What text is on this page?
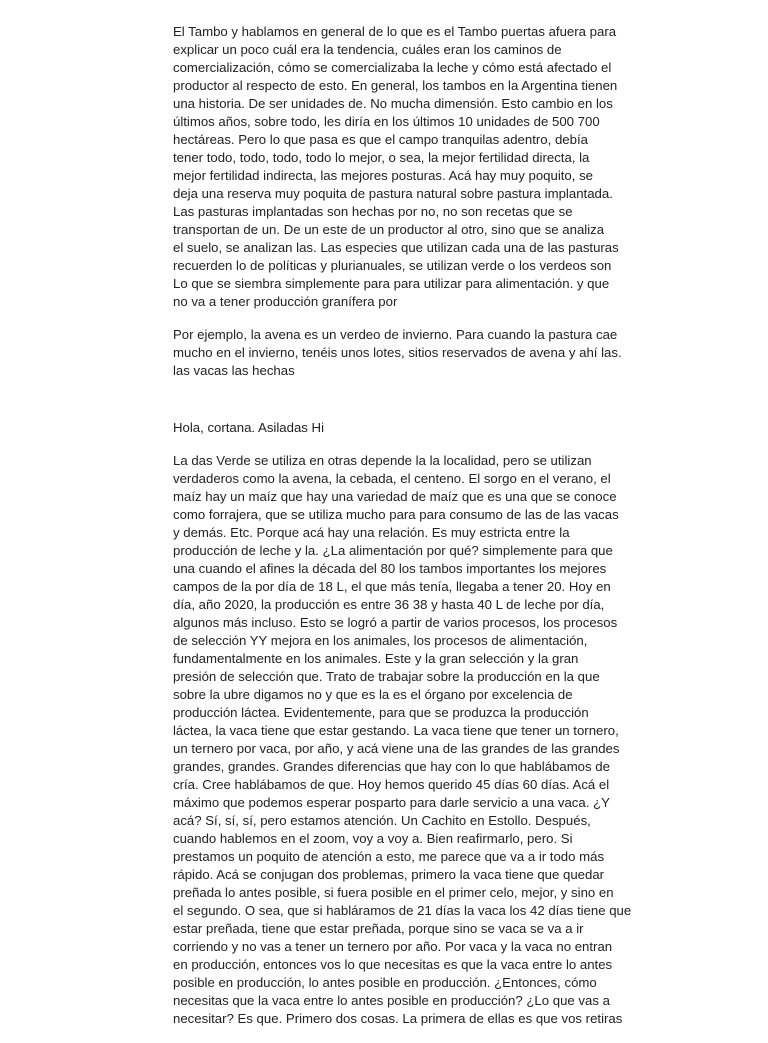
El Tambo y hablamos en general de lo que es el Tambo puertas afuera para
explicar un poco cuál era la tendencia, cuáles eran los caminos de
comercialización, cómo se comercializaba la leche y cómo está afectado el
productor al respecto de esto. En general, los tambos en la Argentina tienen
una historia. De ser unidades de. No mucha dimensión. Esto cambio en los
últimos años, sobre todo, les diría en los últimos 10 unidades de 500 700
hectáreas. Pero lo que pasa es que el campo tranquilas adentro, debía
tener todo, todo, todo, todo lo mejor, o sea, la mejor fertilidad directa, la
mejor fertilidad indirecta, las mejores posturas. Acá hay muy poquito, se
deja una reserva muy poquita de pastura natural sobre pastura implantada.
Las pasturas implantadas son hechas por no, no son recetas que se
transportan de un. De un este de un productor al otro, sino que se analiza
el suelo, se analizan las. Las especies que utilizan cada una de las pasturas
recuerden lo de políticas y plurianuales, se utilizan verde o los verdeos son
Lo que se siembra simplemente para para utilizar para alimentación. y que
no va a tener producción granífera por
Por ejemplo, la avena es un verdeo de invierno. Para cuando la pastura cae
mucho en el invierno, tenéis unos lotes, sitios reservados de avena y ahí las.
las vacas las hechas
Hola, cortana. Asiladas Hi
La das Verde se utiliza en otras depende la la localidad, pero se utilizan
verdaderos como la avena, la cebada, el centeno. El sorgo en el verano, el
maíz hay un maíz que hay una variedad de maíz que es una que se conoce
como forrajera, que se utiliza mucho para para consumo de las de las vacas
y demás. Etc. Porque acá hay una relación. Es muy estricta entre la
producción de leche y la. ¿La alimentación por qué? simplemente para que
una cuando el afines la década del 80 los tambos importantes los mejores
campos de la por día de 18 L, el que más tenía, llegaba a tener 20. Hoy en
día, año 2020, la producción es entre 36 38 y hasta 40 L de leche por día,
algunos más incluso. Esto se logró a partir de varios procesos, los procesos
de selección YY mejora en los animales, los procesos de alimentación,
fundamentalmente en los animales. Este y la gran selección y la gran
presión de selección que. Trato de trabajar sobre la producción en la que
sobre la ubre digamos no y que es la es el órgano por excelencia de
producción láctea. Evidentemente, para que se produzca la producción
láctea, la vaca tiene que estar gestando. La vaca tiene que tener un tornero,
un ternero por vaca, por año, y acá viene una de las grandes de las grandes
grandes, grandes. Grandes diferencias que hay con lo que hablábamos de
cría. Cree hablábamos de que. Hoy hemos querido 45 días 60 días. Acá el
máximo que podemos esperar posparto para darle servicio a una vaca. ¿Y
acá? Sí, sí, sí, pero estamos atención. Un Cachito en Estollo. Después,
cuando hablemos en el zoom, voy a voy a. Bien reafirmarlo, pero. Si
prestamos un poquito de atención a esto, me parece que va a ir todo más
rápido. Acá se conjugan dos problemas, primero la vaca tiene que quedar
preñada lo antes posible, si fuera posible en el primer celo, mejor, y sino en
el segundo. O sea, que si habláramos de 21 días la vaca los 42 días tiene que
estar preñada, tiene que estar preñada, porque sino se vaca se va a ir
corriendo y no vas a tener un ternero por año. Por vaca y la vaca no entran
en producción, entonces vos lo que necesitas es que la vaca entre lo antes
posible en producción, lo antes posible en producción. ¿Entonces, cómo
necesitas que la vaca entre lo antes posible en producción? ¿Lo que vas a
necesitar? Es que. Primero dos cosas. La primera de ellas es que vos retiras
